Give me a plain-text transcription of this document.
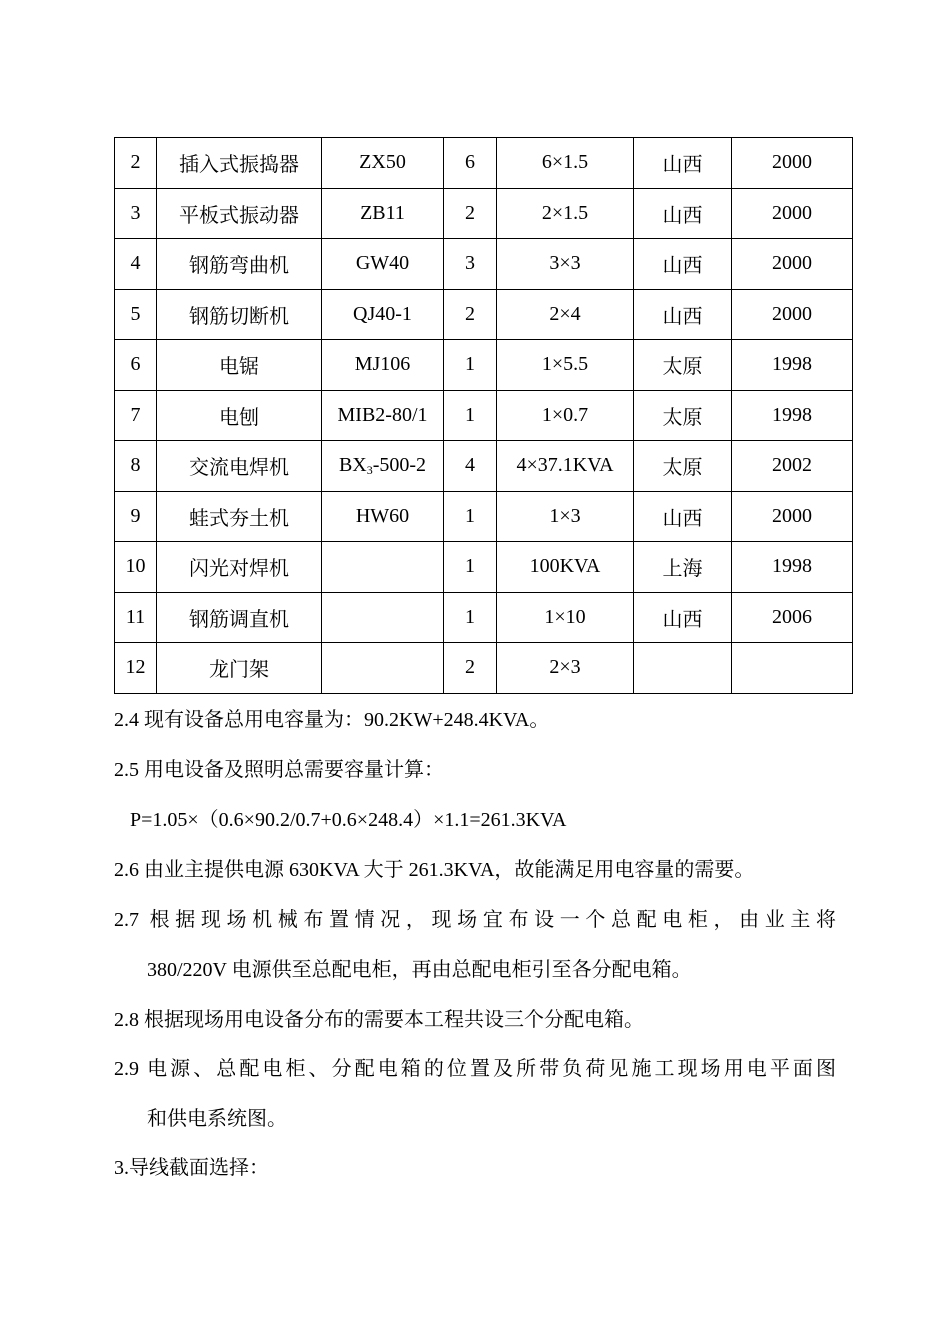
2	插入式振捣器	ZX50	6	6×1.5	山西	2000
3	平板式振动器	ZB11	2	2×1.5	山西	2000
4	钢筋弯曲机	GW40	3	3×3	山西	2000
5	钢筋切断机	QJ40-1	2	2×4	山西	2000
6	电锯	MJ106	1	1×5.5	太原	1998
7	电刨	MIB2-80/1	1	1×0.7	太原	1998
8	交流电焊机	$BX_3-500-2$	4	4×37.1KVA	太原	2002
9	蛙式夯土机	HW60	1	1×3	山西	2000
10	闪光对焊机		1	100KVA	上海	1998
11	钢筋调直机		1	1×10	山西	2006
12	龙门架		2	2×3		
2.4 现有设备总用电容量为：90.2KW+248.4KVA。
2.5 用电设备及照明总需要容量计算：
P=1.05×（0.6×90.2/0.7+0.6×248.4）×1.1=261.3KVA
2.6 由业主提供电源 630KVA 大于 261.3KVA，故能满足用电容量的需要。
2.7 根据现场机械布置情况，现场宜布设一个总配电柜，由业主将
380/220V 电源供至总配电柜，再由总配电柜引至各分配电箱。
2.8 根据现场用电设备分布的需要本工程共设三个分配电箱。
2.9 电源、总配电柜、分配电箱的位置及所带负荷见施工现场用电平面图
和供电系统图。
3.导线截面选择：
